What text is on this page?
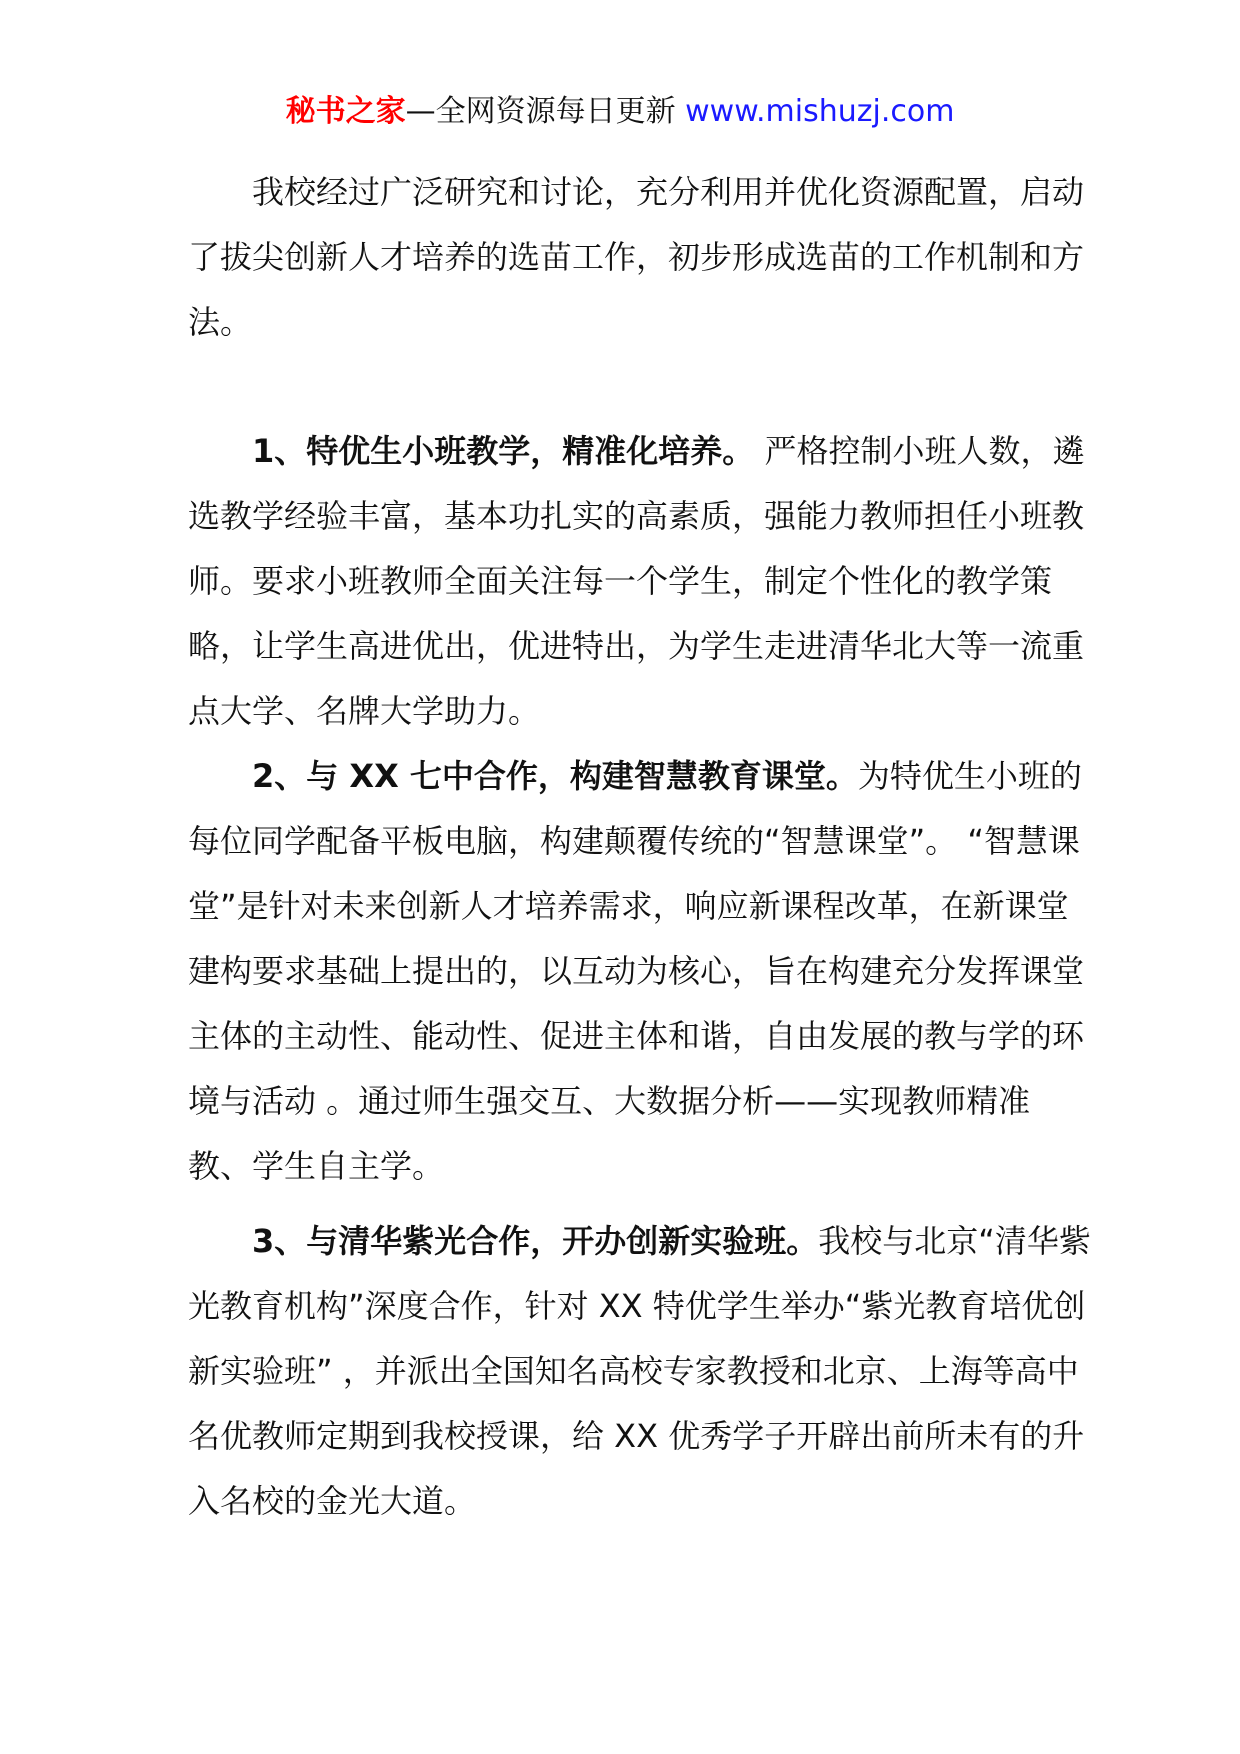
秘书之家—全网资源每日更新 www.mishuzj.com

我校经过广泛研究和讨论，充分利用并优化资源配置，启动了拔尖创新人才培养的选苗工作，初步形成选苗的工作机制和方法。

1、特优生小班教学，精准化培养。 严格控制小班人数，遴选教学经验丰富，基本功扎实的高素质，强能力教师担任小班教师。要求小班教师全面关注每一个学生，制定个性化的教学策略，让学生高进优出，优进特出，为学生走进清华北大等一流重点大学、名牌大学助力。

2、与 XX 七中合作，构建智慧教育课堂。为特优生小班的每位同学配备平板电脑，构建颠覆传统的“智慧课堂”。 “智慧课堂”是针对未来创新人才培养需求，响应新课程改革，在新课堂建构要求基础上提出的，以互动为核心，旨在构建充分发挥课堂主体的主动性、能动性、促进主体和谐，自由发展的教与学的环境与活动 。通过师生强交互、大数据分析——实现教师精准教、学生自主学。

3、与清华紫光合作，开办创新实验班。我校与北京“清华紫光教育机构”深度合作，针对 XX 特优学生举办“紫光教育培优创新实验班” ，并派出全国知名高校专家教授和北京、上海等高中名优教师定期到我校授课，给 XX 优秀学子开辟出前所未有的升入名校的金光大道。
